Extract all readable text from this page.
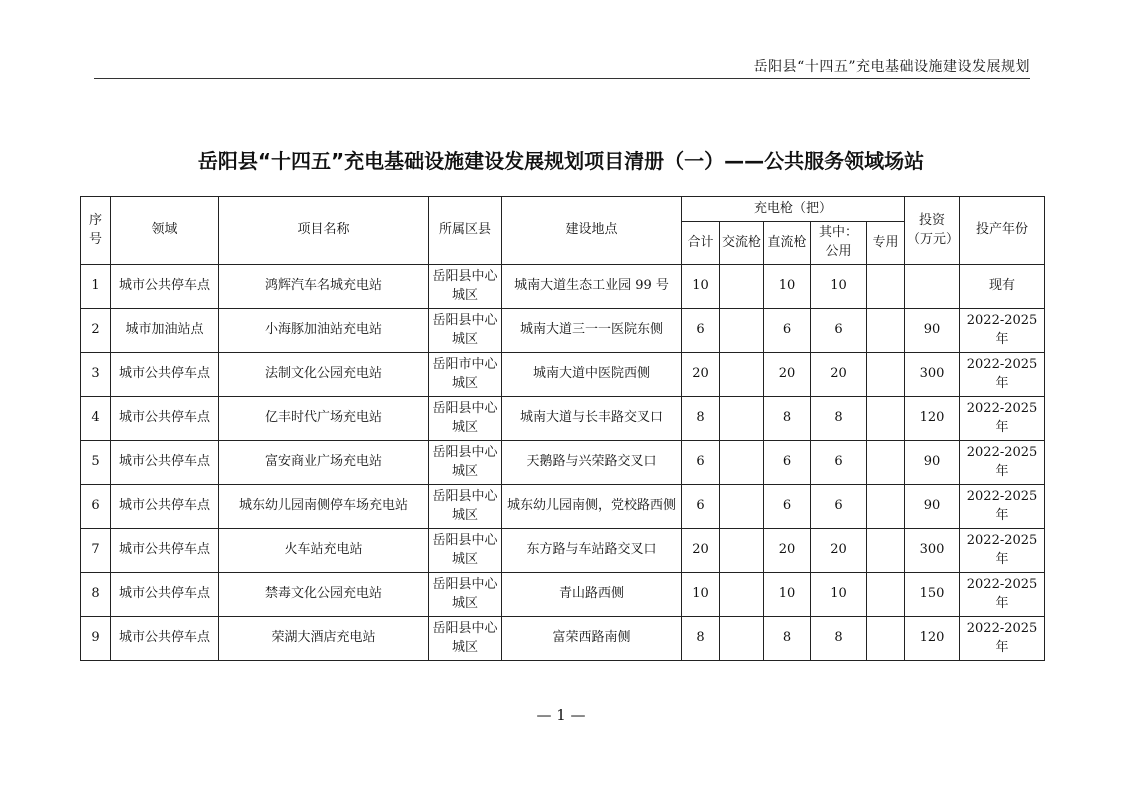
岳阳县“十四五”充电基础设施建设发展规划
岳阳县“十四五”充电基础设施建设发展规划项目清册（一）——公共服务领域场站
序号	领域	项目名称	所属区县	建设地点	充电枪（把）					投资（万元）	投产年份
					合计	交流枪	直流枪	其中：公用	专用		
1	城市公共停车点	鸿辉汽车名城充电站	岳阳县中心城区	城南大道生态工业园 99 号	10		10	10			现有
2	城市加油站点	小海豚加油站充电站	岳阳县中心城区	城南大道三一一医院东侧	6		6	6		90	2022-2025 年
3	城市公共停车点	法制文化公园充电站	岳阳市中心城区	城南大道中医院西侧	20		20	20		300	2022-2025 年
4	城市公共停车点	亿丰时代广场充电站	岳阳县中心城区	城南大道与长丰路交叉口	8		8	8		120	2022-2025 年
5	城市公共停车点	富安商业广场充电站	岳阳县中心城区	天鹅路与兴荣路交叉口	6		6	6		90	2022-2025 年
6	城市公共停车点	城东幼儿园南侧停车场充电站	岳阳县中心城区	城东幼儿园南侧，党校路西侧	6		6	6		90	2022-2025 年
7	城市公共停车点	火车站充电站	岳阳县中心城区	东方路与车站路交叉口	20		20	20		300	2022-2025 年
8	城市公共停车点	禁毒文化公园充电站	岳阳县中心城区	青山路西侧	10		10	10		150	2022-2025 年
9	城市公共停车点	荣湖大酒店充电站	岳阳县中心城区	富荣西路南侧	8		8	8		120	2022-2025 年
— 1 —
